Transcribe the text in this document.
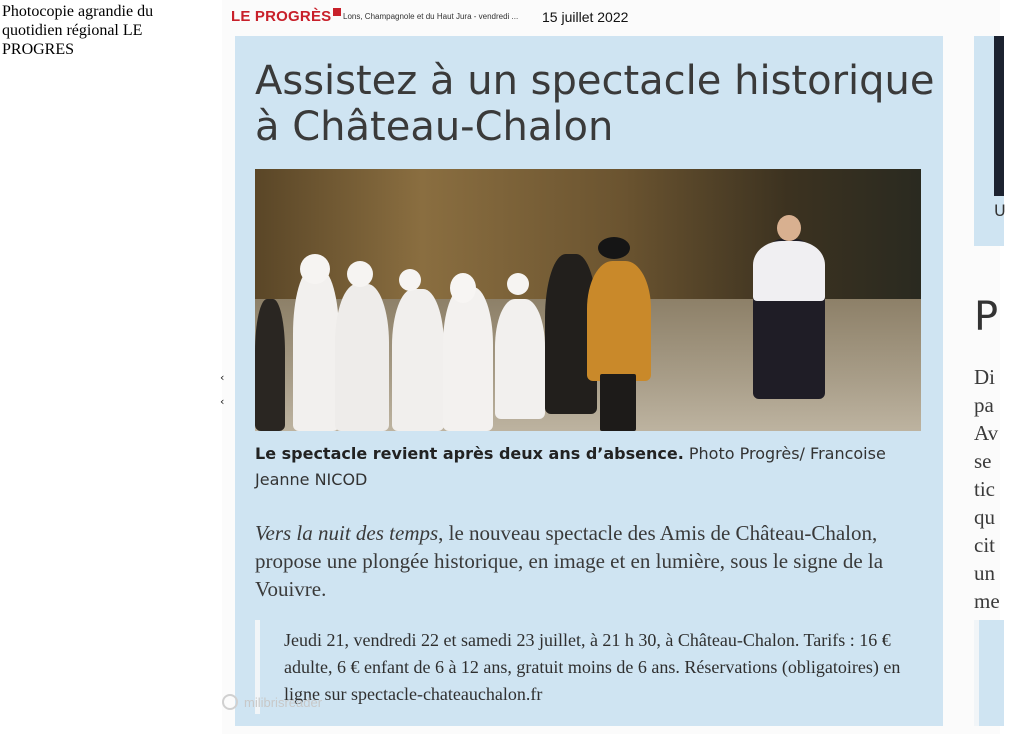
Photocopie agrandie du quotidien régional LE PROGRES
LE PROGRÈS	Lons, Champagnole et du Haut Jura - vendredi ... 15 juillet 2022
Assistez à un spectacle historique à Château-Chalon
Le spectacle revient après deux ans d’absence. Photo Progrès/ Francoise Jeanne NICOD
Vers la nuit des temps, le nouveau spectacle des Amis de Château-Chalon, propose une plongée historique, en image et en lumière, sous le signe de la Vouivre.
Jeudi 21, vendredi 22 et samedi 23 juillet, à 21 h 30, à Château-Chalon. Tarifs : 16 € adulte, 6 € enfant de 6 à 12 ans, gratuit moins de 6 ans. Réservations (obligatoires) en ligne sur spectacle-chateauchalon.fr
‹
‹
milibrisreader
U
P
Di
pa
Av
se
tic
qu
cit
un
me
